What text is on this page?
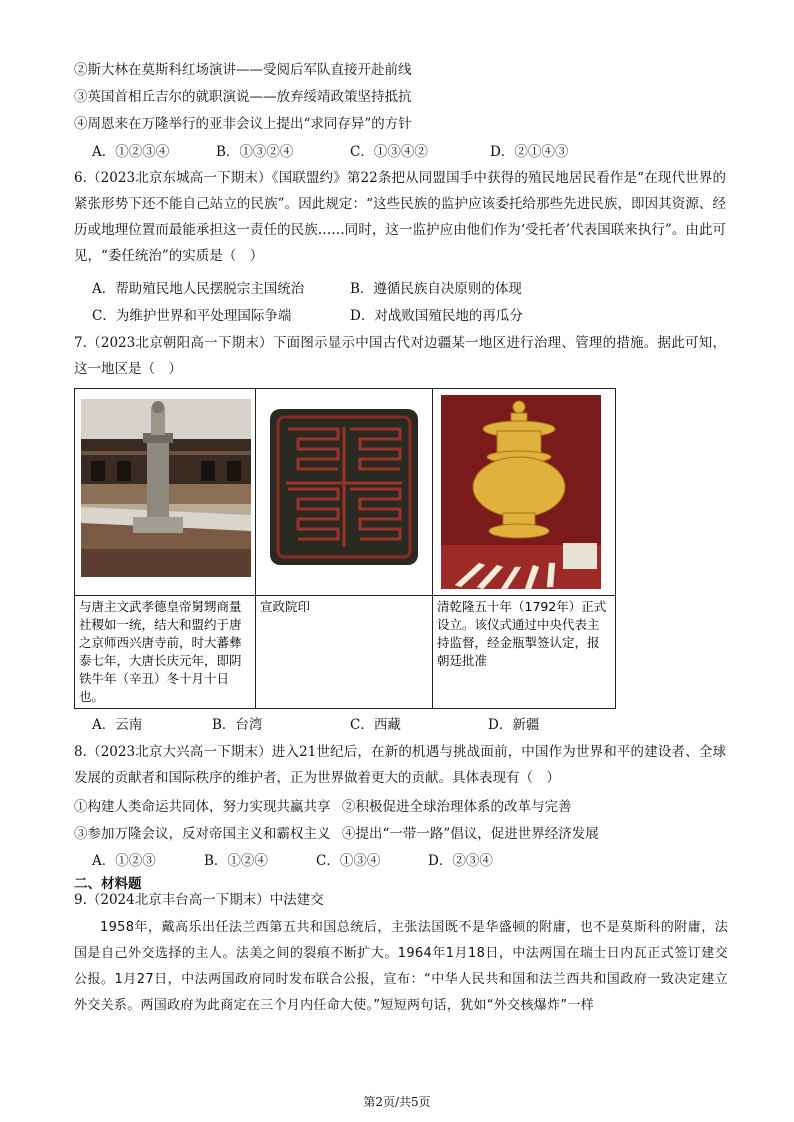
②斯大林在莫斯科红场演讲——受阅后军队直接开赴前线
③英国首相丘吉尔的就职演说——放弃绥靖政策坚持抵抗
④周恩来在万隆举行的亚非会议上提出“求同存异”的方针
A．①②③④	B．①③②④	C．①③④②	D．②①④③
6.（2023北京东城高一下期末）《国联盟约》第22条把从同盟国手中获得的殖民地居民看作是“在现代世界的紧张形势下还不能自己站立的民族”。因此规定：“这些民族的监护应该委托给那些先进民族，即因其资源、经历或地理位置而最能承担这一责任的民族……同时，这一监护应由他们作为‘受托者’代表国联来执行”。由此可见，“委任统治”的实质是（　）
A．帮助殖民地人民摆脱宗主国统治	B．遵循民族自决原则的体现
C．为维护世界和平处理国际争端	D．对战败国殖民地的再瓜分
7.（2023北京朝阳高一下期末）下面图示显示中国古代对边疆某一地区进行治理、管理的措施。据此可知，这一地区是（　）

与唐主文武孝德皇帝舅甥商量社稷如一统，结大和盟约于唐之京师西兴唐寺前，时大蕃彝泰七年，大唐长庆元年，即阴铁牛年（辛丑）冬十月十日也。	宣政院印	清乾隆五十年（1792年）正式设立。该仪式通过中央代表主持监督，经金瓶掣签认定，报朝廷批准
A．云南	B．台湾	C．西藏	D．新疆
8.（2023北京大兴高一下期末）进入21世纪后，在新的机遇与挑战面前，中国作为世界和平的建设者、全球发展的贡献者和国际秩序的维护者，正为世界做着更大的贡献。具体表现有（　）
①构建人类命运共同体，努力实现共赢共享 ②积极促进全球治理体系的改革与完善
③参加万隆会议，反对帝国主义和霸权主义 ④提出“一带一路”倡议，促进世界经济发展
A．①②③	B．①②④	C．①③④	D．②③④
二、材料题
9.（2024北京丰台高一下期末）中法建交
1958年，戴高乐出任法兰西第五共和国总统后，主张法国既不是华盛顿的附庸，也不是莫斯科的附庸，法国是自己外交选择的主人。法美之间的裂痕不断扩大。1964年1月18日，中法两国在瑞士日内瓦正式签订建交公报。1月27日，中法两国政府同时发布联合公报，宣布：“中华人民共和国和法兰西共和国政府一致决定建立外交关系。两国政府为此商定在三个月内任命大使。”短短两句话，犹如“外交核爆炸”一样
第2页/共5页
